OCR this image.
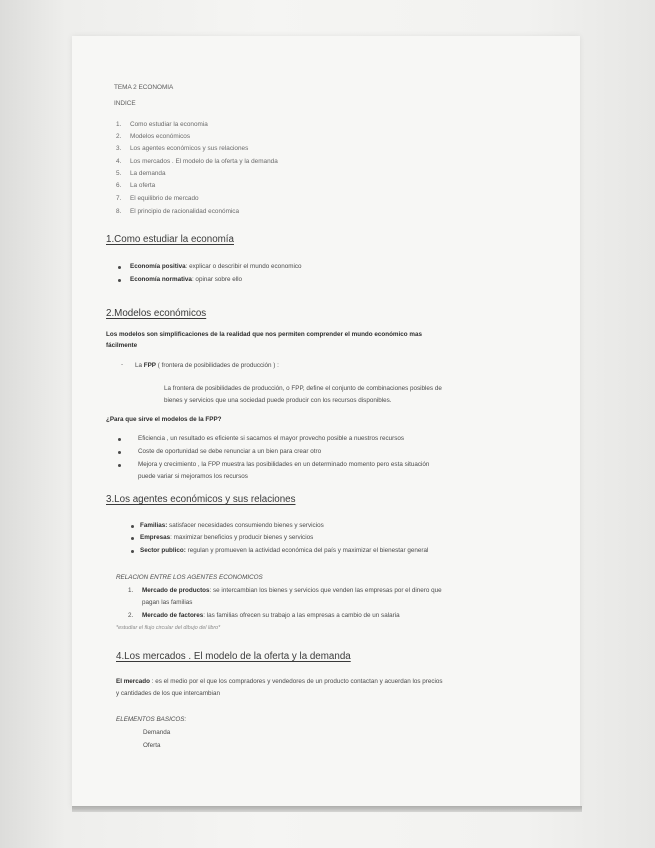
TEMA 2 ECONOMIA
INDICE
1. Como estudiar la economia
2. Modelos económicos
3. Los agentes económicos y sus relaciones
4. Los mercados . El modelo de la oferta y la demanda
5. La demanda
6. La oferta
7. El equilibrio de mercado
8. El principio de racionalidad económica
1.Como estudiar la economía
Economía positiva: explicar o describir el mundo economico
Economía normativa: opinar sobre ello
2.Modelos económicos
Los modelos son simplificaciones de la realidad que nos permiten comprender el mundo económico mas
fácilmente
- La FPP ( frontera de posibilidades de producción ) :
La frontera de posibilidades de producción, o FPP, define el conjunto de combinaciones posibles de
bienes y servicios que una sociedad puede producir con los recursos disponibles.
¿Para que sirve el modelos de la FPP?
Eficiencia , un resultado es eficiente si sacamos el mayor provecho posible a nuestros recursos
Coste de oportunidad se debe renunciar a un bien para crear otro
Mejora y crecimiento , la FPP muestra las posibilidades en un determinado momento pero esta situación
puede variar si mejoramos los recursos
3.Los agentes económicos y sus relaciones
Familias: satisfacer necesidades consumiendo bienes y servicios
Empresas: maximizar beneficios y producir bienes y servicios
Sector publico: regulan y promueven la actividad económica del país y maximizar el bienestar general
RELACION ENTRE LOS AGENTES ECONOMICOS
1. Mercado de productos: se intercambian los bienes y servicios que venden las empresas por el dinero que
pagan las familias
2. Mercado de factores: las familias ofrecen su trabajo a las empresas a cambio de un salaria
*estudiar el flujo circular del dibujo del libro*
4.Los mercados . El modelo de la oferta y la demanda
El mercado : es el medio por el que los compradores y vendedores de un producto contactan y acuerdan los precios
y cantidades de los que intercambian
ELEMENTOS BASICOS:
Demanda
Oferta
